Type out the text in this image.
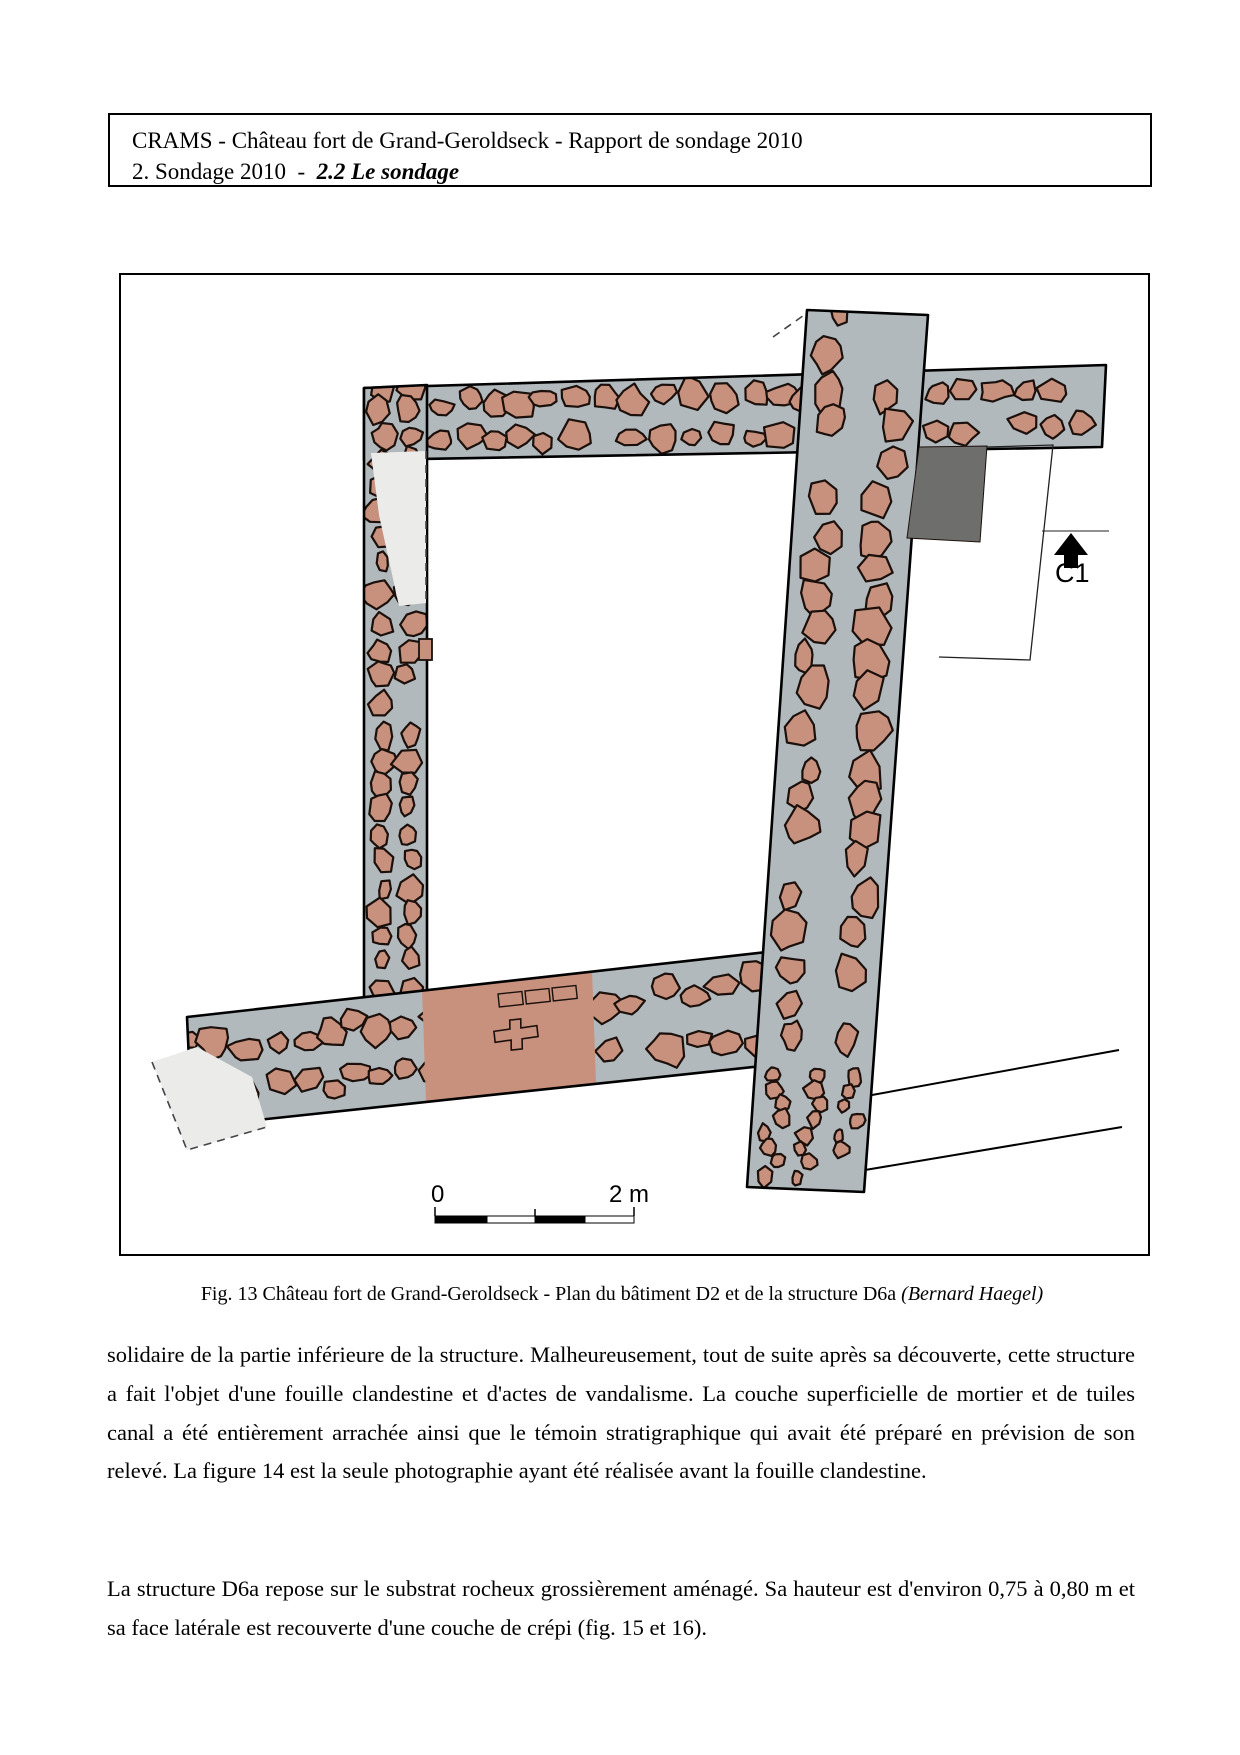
CRAMS - Château fort de Grand-Geroldseck - Rapport de sondage 2010
2. Sondage 2010  -  2.2 Le sondage
C1
0	2 m
Fig. 13 Château fort de Grand-Geroldseck - Plan du bâtiment D2 et de la structure D6a (Bernard Haegel)
solidaire de la partie inférieure de la structure. Malheureusement, tout de suite après sa découverte, cette structure a fait l'objet d'une fouille clandestine et d'actes de vandalisme. La couche superficielle de mortier et de tuiles canal a été entièrement arrachée ainsi que le témoin stratigraphique qui avait été préparé en prévision de son relevé. La figure 14 est la seule photographie ayant été réalisée avant la fouille clandestine.
La structure D6a repose sur le substrat rocheux grossièrement aménagé. Sa hauteur est d'environ 0,75 à 0,80 m et sa face latérale est recouverte d'une couche de crépi (fig. 15 et 16).
